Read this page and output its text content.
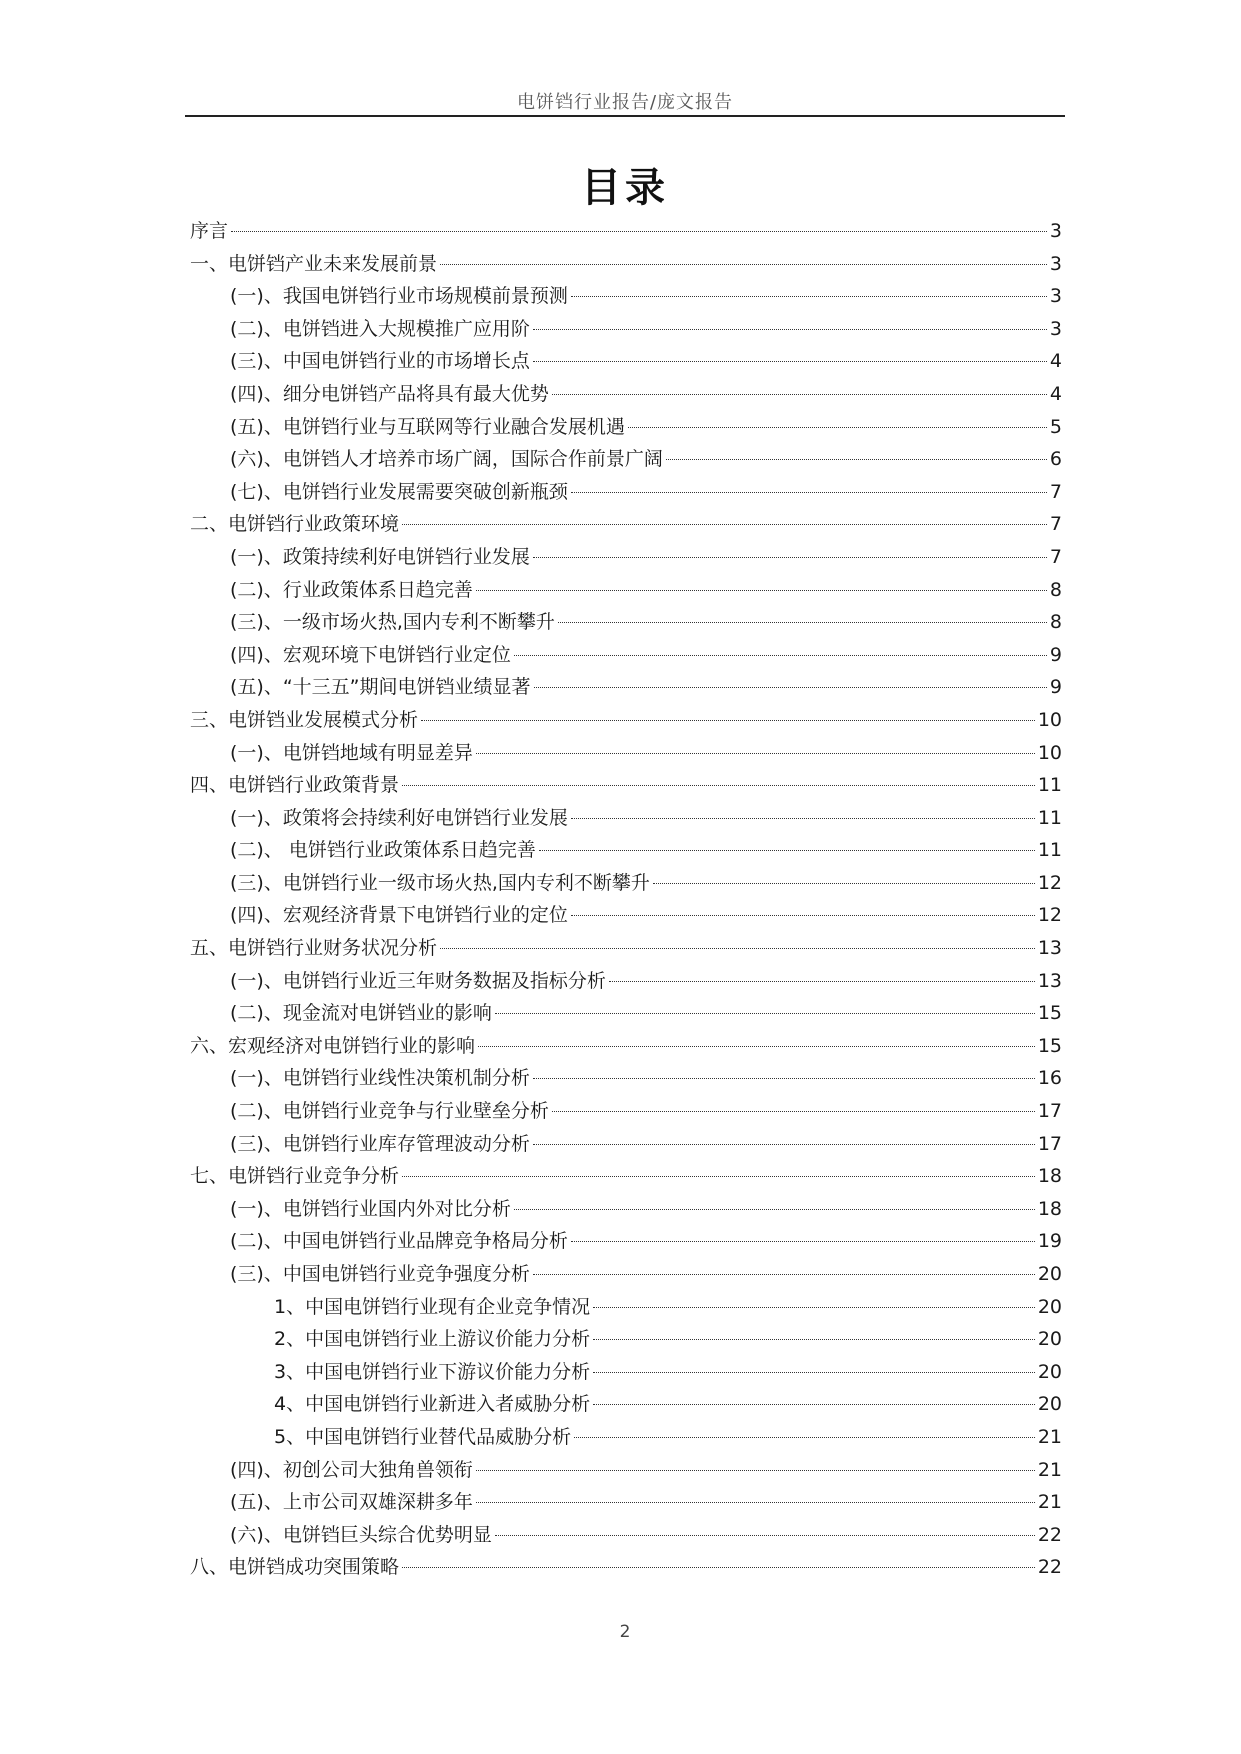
电饼铛行业报告/庞文报告
目录
序言	3
一、电饼铛产业未来发展前景	3
(一)、我国电饼铛行业市场规模前景预测	3
(二)、电饼铛进入大规模推广应用阶	3
(三)、中国电饼铛行业的市场增长点	4
(四)、细分电饼铛产品将具有最大优势	4
(五)、电饼铛行业与互联网等行业融合发展机遇	5
(六)、电饼铛人才培养市场广阔，国际合作前景广阔	6
(七)、电饼铛行业发展需要突破创新瓶颈	7
二、电饼铛行业政策环境	7
(一)、政策持续利好电饼铛行业发展	7
(二)、行业政策体系日趋完善	8
(三)、一级市场火热,国内专利不断攀升	8
(四)、宏观环境下电饼铛行业定位	9
(五)、“十三五”期间电饼铛业绩显著	9
三、电饼铛业发展模式分析	10
(一)、电饼铛地域有明显差异	10
四、电饼铛行业政策背景	11
(一)、政策将会持续利好电饼铛行业发展	11
(二)、 电饼铛行业政策体系日趋完善	11
(三)、电饼铛行业一级市场火热,国内专利不断攀升	12
(四)、宏观经济背景下电饼铛行业的定位	12
五、电饼铛行业财务状况分析	13
(一)、电饼铛行业近三年财务数据及指标分析	13
(二)、现金流对电饼铛业的影响	15
六、宏观经济对电饼铛行业的影响	15
(一)、电饼铛行业线性决策机制分析	16
(二)、电饼铛行业竞争与行业壁垒分析	17
(三)、电饼铛行业库存管理波动分析	17
七、电饼铛行业竞争分析	18
(一)、电饼铛行业国内外对比分析	18
(二)、中国电饼铛行业品牌竞争格局分析	19
(三)、中国电饼铛行业竞争强度分析	20
1、中国电饼铛行业现有企业竞争情况	20
2、中国电饼铛行业上游议价能力分析	20
3、中国电饼铛行业下游议价能力分析	20
4、中国电饼铛行业新进入者威胁分析	20
5、中国电饼铛行业替代品威胁分析	21
(四)、初创公司大独角兽领衔	21
(五)、上市公司双雄深耕多年	21
(六)、电饼铛巨头综合优势明显	22
八、电饼铛成功突围策略	22
2
